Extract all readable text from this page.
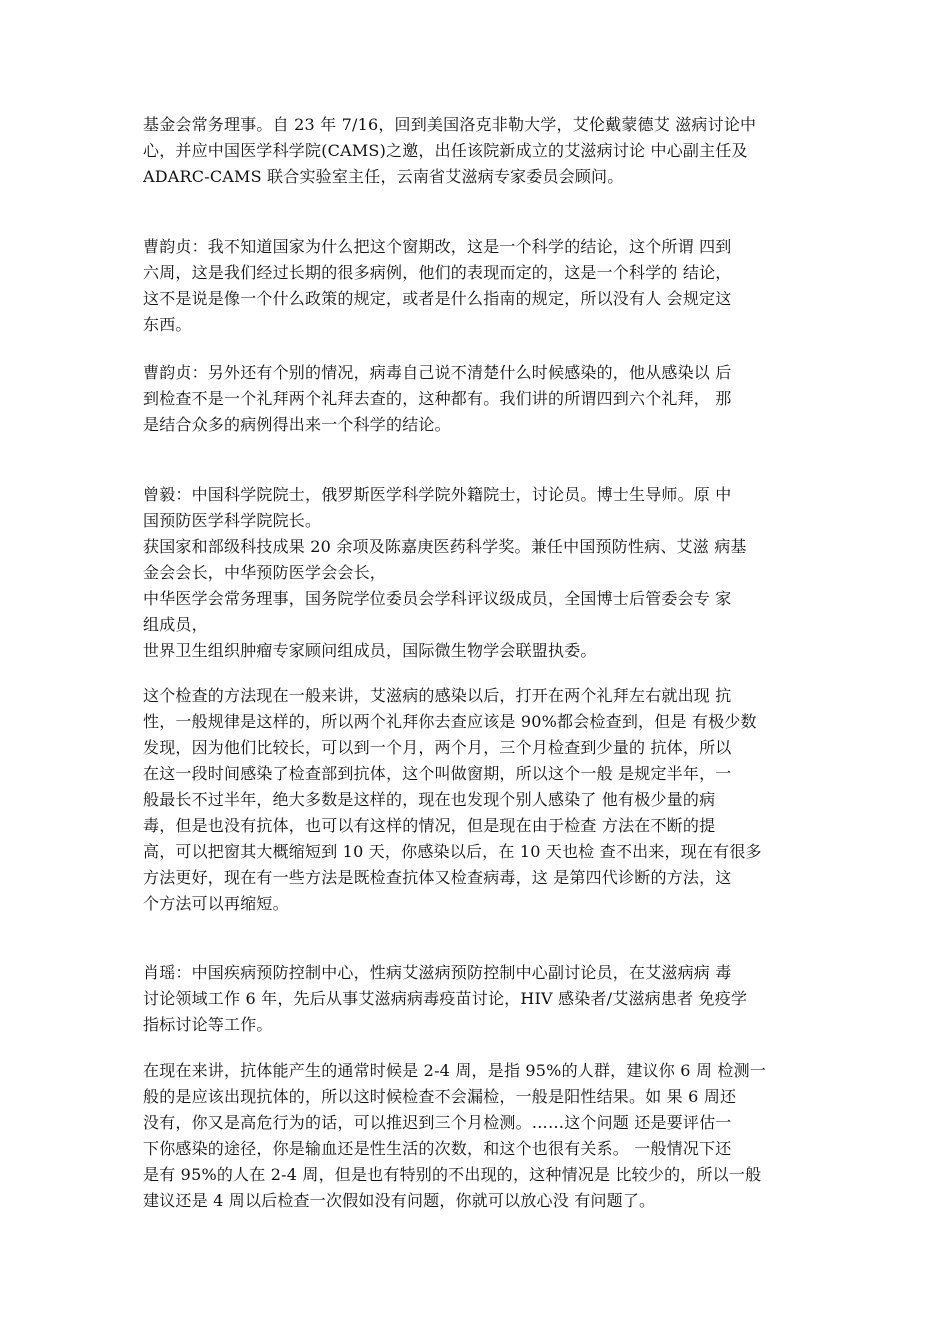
基金会常务理事。自 23 年 7/16，回到美国洛克非勒大学，艾伦戴蒙德艾 滋病讨论中
心，并应中国医学科学院(CAMS)之邀，出任该院新成立的艾滋病讨论 中心副主任及
ADARC-CAMS 联合实验室主任，云南省艾滋病专家委员会顾问。
曹韵贞：我不知道国家为什么把这个窗期改，这是一个科学的结论，这个所谓 四到
六周，这是我们经过长期的很多病例，他们的表现而定的，这是一个科学的 结论，
这不是说是像一个什么政策的规定，或者是什么指南的规定，所以没有人 会规定这
东西。
曹韵贞：另外还有个别的情况，病毒自己说不清楚什么时候感染的，他从感染以 后
到检查不是一个礼拜两个礼拜去查的，这种都有。我们讲的所谓四到六个礼拜， 那
是结合众多的病例得出来一个科学的结论。
曾毅：中国科学院院士，俄罗斯医学科学院外籍院士，讨论员。博士生导师。原 中
国预防医学科学院院长。
获国家和部级科技成果 20 余项及陈嘉庚医药科学奖。兼任中国预防性病、艾滋 病基
金会会长，中华预防医学会会长，
中华医学会常务理事，国务院学位委员会学科评议级成员，全国博士后管委会专 家
组成员，
世界卫生组织肿瘤专家顾问组成员，国际微生物学会联盟执委。
这个检查的方法现在一般来讲，艾滋病的感染以后，打开在两个礼拜左右就出现 抗
性，一般规律是这样的，所以两个礼拜你去查应该是 90%都会检查到，但是 有极少数
发现，因为他们比较长，可以到一个月，两个月，三个月检查到少量的 抗体，所以
在这一段时间感染了检查部到抗体，这个叫做窗期，所以这个一般 是规定半年，一
般最长不过半年，绝大多数是这样的，现在也发现个别人感染了 他有极少量的病
毒，但是也没有抗体，也可以有这样的情况，但是现在由于检查 方法在不断的提
高，可以把窗其大概缩短到 10 天，你感染以后，在 10 天也检 查不出来，现在有很多
方法更好，现在有一些方法是既检查抗体又检查病毒，这 是第四代诊断的方法，这
个方法可以再缩短。
肖瑶：中国疾病预防控制中心，性病艾滋病预防控制中心副讨论员，在艾滋病病 毒
讨论领域工作 6 年，先后从事艾滋病病毒疫苗讨论，HIV 感染者/艾滋病患者 免疫学
指标讨论等工作。
在现在来讲，抗体能产生的通常时候是 2-4 周，是指 95%的人群，建议你 6 周 检测一
般的是应该出现抗体的，所以这时候检查不会漏检，一般是阳性结果。如 果 6 周还
没有，你又是高危行为的话，可以推迟到三个月检测。……这个问题 还是要评估一
下你感染的途径，你是输血还是性生活的次数，和这个也很有关系。 一般情况下还
是有 95%的人在 2-4 周，但是也有特别的不出现的，这种情况是 比较少的，所以一般
建议还是 4 周以后检查一次假如没有问题，你就可以放心没 有问题了。
